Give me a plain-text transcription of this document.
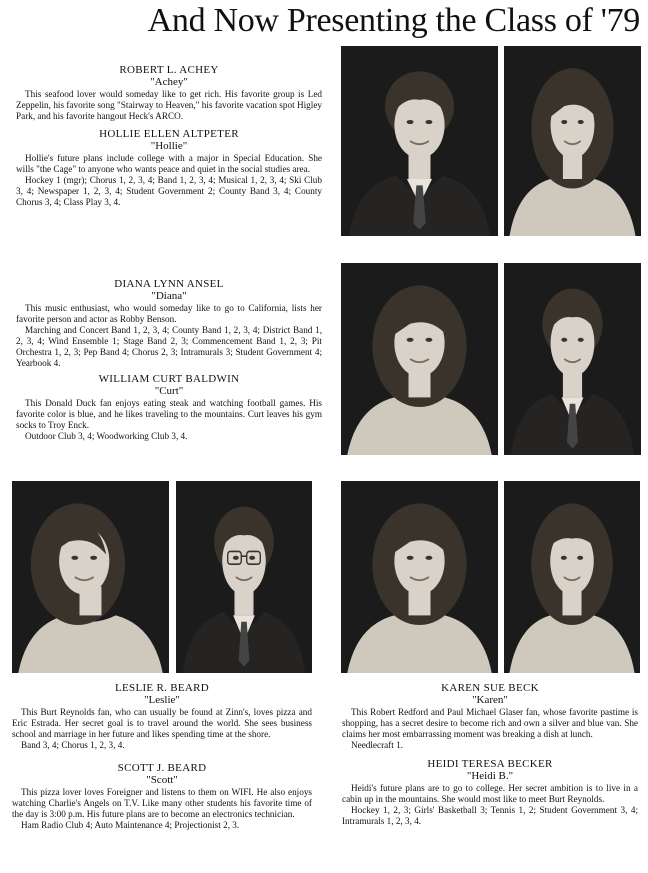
And Now Presenting the Class of '79
ROBERT L. ACHEY
"Achey"
This seafood lover would someday like to get rich. His favorite group is Led Zeppelin, his favorite song "Stairway to Heaven," his favorite vacation spot Higley Park, and his favorite hangout Heck's ARCO.
HOLLIE ELLEN ALTPETER
"Hollie"
Hollie's future plans include college with a major in Special Education. She wills "the Cage" to anyone who wants peace and quiet in the social studies area.
Hockey 1 (mgr); Chorus 1, 2, 3, 4; Band 1, 2, 3, 4; Musical 1, 2, 3, 4; Ski Club 3, 4; Newspaper 1, 2, 3, 4; Student Government 2; County Band 3, 4; County Chorus 3, 4; Class Play 3, 4.
DIANA LYNN ANSEL
"Diana"
This music enthusiast, who would someday like to go to California, lists her favorite person and actor as Robby Benson.
Marching and Concert Band 1, 2, 3, 4; County Band 1, 2, 3, 4; District Band 1, 2, 3, 4; Wind Ensemble 1; Stage Band 2, 3; Commencement Band 1, 2, 3; Pit Orchestra 1, 2, 3; Pep Band 4; Chorus 2, 3; Intramurals 3; Student Government 4; Yearbook 4.
WILLIAM CURT BALDWIN
"Curt"
This Donald Duck fan enjoys eating steak and watching football games. His favorite color is blue, and he likes traveling to the mountains. Curt leaves his gym socks to Troy Enck.
Outdoor Club 3, 4; Woodworking Club 3, 4.
LESLIE R. BEARD
"Leslie"
This Burt Reynolds fan, who can usually be found at Zinn's, loves pizza and Eric Estrada. Her secret goal is to travel around the world. She sees business school and marriage in her future and likes spending time at the shore.
Band 3, 4; Chorus 1, 2, 3, 4.
SCOTT J. BEARD
"Scott"
This pizza lover loves Foreigner and listens to them on WIFI. He also enjoys watching Charlie's Angels on T.V. Like many other students his favorite time of the day is 3:00 p.m. His future plans are to become an electronics technician.
Ham Radio Club 4; Auto Maintenance 4; Projectionist 2, 3.
KAREN SUE BECK
"Karen"
This Robert Redford and Paul Michael Glaser fan, whose favorite pastime is shopping, has a secret desire to become rich and own a silver and blue van. She claims her most embarrassing moment was breaking a dish at lunch.
Needlecraft 1.
HEIDI TERESA BECKER
"Heidi B."
Heidi's future plans are to go to college. Her secret ambition is to live in a cabin up in the mountains. She would most like to meet Burt Reynolds.
Hockey 1, 2, 3; Girls' Basketball 3; Tennis 1, 2; Student Government 3, 4; Intramurals 1, 2, 3, 4.
